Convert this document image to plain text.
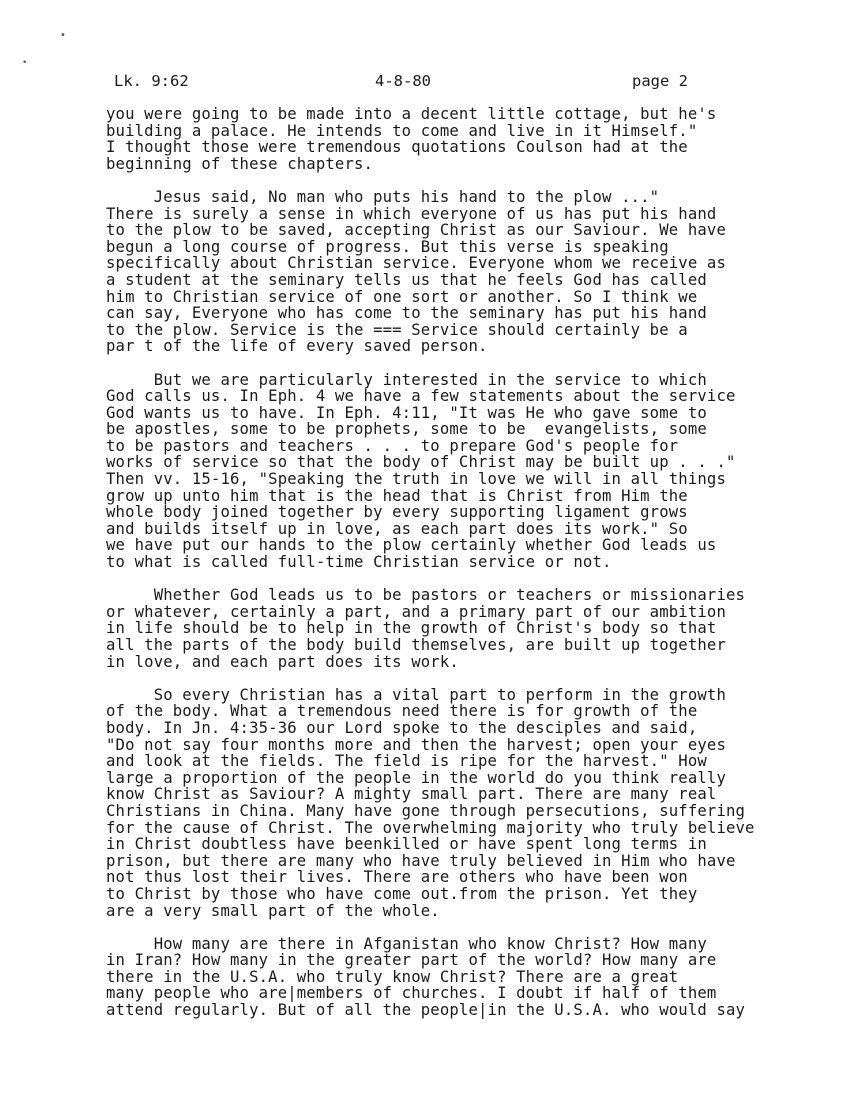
•
•
Lk. 9:62	4-8-80	page 2
you were going to be made into a decent little cottage, but he's
building a palace. He intends to come and live in it Himself."
I thought those were tremendous quotations Coulson had at the
beginning of these chapters.
Jesus said, No man who puts his hand to the plow ..."
There is surely a sense in which everyone of us has put his hand
to the plow to be saved, accepting Christ as our Saviour. We have
begun a long course of progress. But this verse is speaking
specifically about Christian service. Everyone whom we receive as
a student at the seminary tells us that he feels God has called
him to Christian service of one sort or another. So I think we
can say, Everyone who has come to the seminary has put his hand
to the plow. Service is the === Service should certainly be a
par t of the life of every saved person.
But we are particularly interested in the service to which
God calls us. In Eph. 4 we have a few statements about the service
God wants us to have. In Eph. 4:11, "It was He who gave some to
be apostles, some to be prophets, some to be  evangelists, some
to be pastors and teachers . . . to prepare God's people for
works of service so that the body of Christ may be built up . . ."
Then vv. 15-16, "Speaking the truth in love we will in all things
grow up unto him that is the head that is Christ from Him the
whole body joined together by every supporting ligament grows
and builds itself up in love, as each part does its work." So
we have put our hands to the plow certainly whether God leads us
to what is called full-time Christian service or not.
Whether God leads us to be pastors or teachers or missionaries
or whatever, certainly a part, and a primary part of our ambition
in life should be to help in the growth of Christ's body so that
all the parts of the body build themselves, are built up together
in love, and each part does its work.
So every Christian has a vital part to perform in the growth
of the body. What a tremendous need there is for growth of the
body. In Jn. 4:35-36 our Lord spoke to the desciples and said,
"Do not say four months more and then the harvest; open your eyes
and look at the fields. The field is ripe for the harvest." How
large a proportion of the people in the world do you think really
know Christ as Saviour? A mighty small part. There are many real
Christians in China. Many have gone through persecutions, suffering
for the cause of Christ. The overwhelming majority who truly believe
in Christ doubtless have beenkilled or have spent long terms in
prison, but there are many who have truly believed in Him who have
not thus lost their lives. There are others who have been won
to Christ by those who have come out.from the prison. Yet they
are a very small part of the whole.
How many are there in Afganistan who know Christ? How many
in Iran? How many in the greater part of the world? How many are
there in the U.S.A. who truly know Christ? There are a great
many people who are|members of churches. I doubt if half of them
attend regularly. But of all the people|in the U.S.A. who would say
